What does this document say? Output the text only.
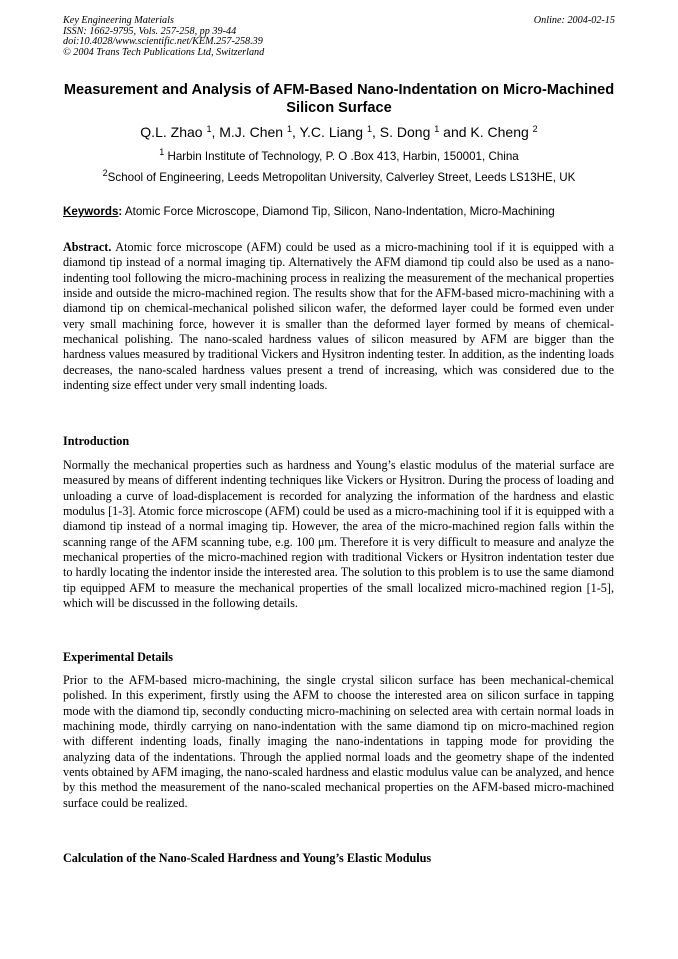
Key Engineering Materials
ISSN: 1662-9795, Vols. 257-258, pp 39-44
doi:10.4028/www.scientific.net/KEM.257-258.39
© 2004 Trans Tech Publications Ltd, Switzerland
Online: 2004-02-15
Measurement and Analysis of AFM-Based Nano-Indentation on Micro-Machined Silicon Surface
Q.L. Zhao $^1$, M.J. Chen $^1$, Y.C. Liang $^1$, S. Dong $^1$ and K. Cheng $^2$
$^1$ Harbin Institute of Technology, P. O .Box 413, Harbin, 150001, China
$^2$School of Engineering, Leeds Metropolitan University, Calverley Street, Leeds LS13HE, UK
Keywords: Atomic Force Microscope, Diamond Tip, Silicon, Nano-Indentation, Micro-Machining

Abstract. Atomic force microscope (AFM) could be used as a micro-machining tool if it is equipped with a diamond tip instead of a normal imaging tip. Alternatively the AFM diamond tip could also be used as a nano-indenting tool following the micro-machining process in realizing the measurement of the mechanical properties inside and outside the micro-machined region. The results show that for the AFM-based micro-machining with a diamond tip on chemical-mechanical polished silicon wafer, the deformed layer could be formed even under very small machining force, however it is smaller than the deformed layer formed by means of chemical-mechanical polishing. The nano-scaled hardness values of silicon measured by AFM are bigger than the hardness values measured by traditional Vickers and Hysitron indenting tester. In addition, as the indenting loads decreases, the nano-scaled hardness values present a trend of increasing, which was considered due to the indenting size effect under very small indenting loads.

Introduction

Normally the mechanical properties such as hardness and Young’s elastic modulus of the material surface are measured by means of different indenting techniques like Vickers or Hysitron. During the process of loading and unloading a curve of load-displacement is recorded for analyzing the information of the hardness and elastic modulus [1-3]. Atomic force microscope (AFM) could be used as a micro-machining tool if it is equipped with a diamond tip instead of a normal imaging tip. However, the area of the micro-machined region falls within the scanning range of the AFM scanning tube, e.g. 100 μm. Therefore it is very difficult to measure and analyze the mechanical properties of the micro-machined region with traditional Vickers or Hysitron indentation tester due to hardly locating the indentor inside the interested area. The solution to this problem is to use the same diamond tip equipped AFM to measure the mechanical properties of the small localized micro-machined region [1-5], which will be discussed in the following details.

Experimental Details

Prior to the AFM-based micro-machining, the single crystal silicon surface has been mechanical-chemical polished. In this experiment, firstly using the AFM to choose the interested area on silicon surface in tapping mode with the diamond tip, secondly conducting micro-machining on selected area with certain normal loads in machining mode, thirdly carrying on nano-indentation with the same diamond tip on micro-machined region with different indenting loads, finally imaging the nano-indentations in tapping mode for providing the analyzing data of the indentations. Through the applied normal loads and the geometry shape of the indented vents obtained by AFM imaging, the nano-scaled hardness and elastic modulus value can be analyzed, and hence by this method the measurement of the nano-scaled mechanical properties on the AFM-based micro-machined surface could be realized.

Calculation of the Nano-Scaled Hardness and Young’s Elastic Modulus
